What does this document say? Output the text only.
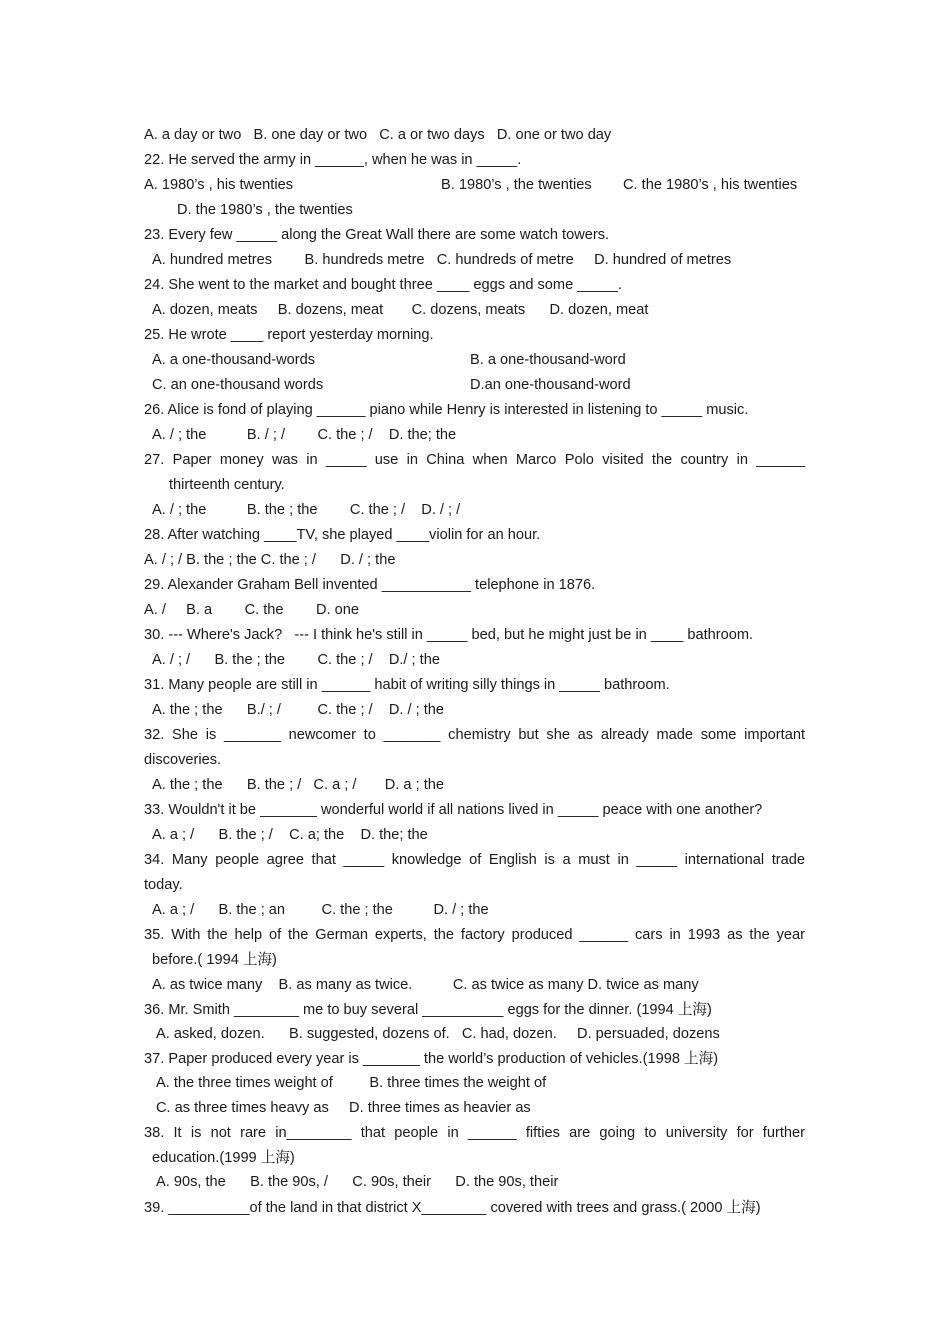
A. a day or two   B. one day or two   C. a or two days   D. one or two day
22. He served the army in ______, when he was in _____.
A. 1980’s , his twenties	B. 1980’s , the twenties C. the 1980’s , his twenties
D. the 1980’s , the twenties
23. Every few _____ along the Great Wall there are some watch towers.
A. hundred metres        B. hundreds metre   C. hundreds of metre     D. hundred of metres
24. She went to the market and bought three ____ eggs and some _____.
A. dozen, meats     B. dozens, meat       C. dozens, meats      D. dozen, meat
25. He wrote ____ report yesterday morning.
A. a one-thousand-words	B. a one-thousand-word
C. an one-thousand words	D.an one-thousand-word
26. Alice is fond of playing ______ piano while Henry is interested in listening to _____ music.
A. / ; the          B. / ; /        C. the ; /    D. the; the
27. Paper money was in _____ use in China when Marco Polo visited the country in ______
thirteenth century.
A. / ; the          B. the ; the        C. the ; /    D. / ; /
28. After watching ____TV, she played ____violin for an hour.
A. / ; / B. the ; the C. the ; /      D. / ; the
29. Alexander Graham Bell invented ___________ telephone in 1876.
A. /     B. a        C. the        D. one
30. --- Where's Jack?   --- I think he's still in _____ bed, but he might just be in ____ bathroom.
A. / ; /      B. the ; the        C. the ; /    D./ ; the
31. Many people are still in ______ habit of writing silly things in _____ bathroom.
A. the ; the      B./ ; /         C. the ; /    D. / ; the
32. She is _______ newcomer to _______ chemistry but she as already made some important
discoveries.
A. the ; the      B. the ; /   C. a ; /       D. a ; the
33. Wouldn't it be _______ wonderful world if all nations lived in _____ peace with one another?
A. a ; /      B. the ; /    C. a; the    D. the; the
34. Many people agree that _____ knowledge of English is a must in _____ international trade
today.
A. a ; /      B. the ; an         C. the ; the          D. / ; the
35. With the help of the German experts, the factory produced ______ cars in 1993 as the year
before.( 1994 上海)
A. as twice many    B. as many as twice.          C. as twice as many D. twice as many
36. Mr. Smith ________ me to buy several __________ eggs for the dinner. (1994 上海)
A. asked, dozen.      B. suggested, dozens of.   C. had, dozen.     D. persuaded, dozens
37. Paper produced every year is _______ the world’s production of vehicles.(1998 上海)
A. the three times weight of         B. three times the weight of
C. as three times heavy as     D. three times as heavier as
38. It is not rare in________ that people in ______ fifties are going to university for further
education.(1999 上海)
A. 90s, the      B. the 90s, /      C. 90s, their      D. the 90s, their
39. __________of the land in that district X________ covered with trees and grass.( 2000 上海)
